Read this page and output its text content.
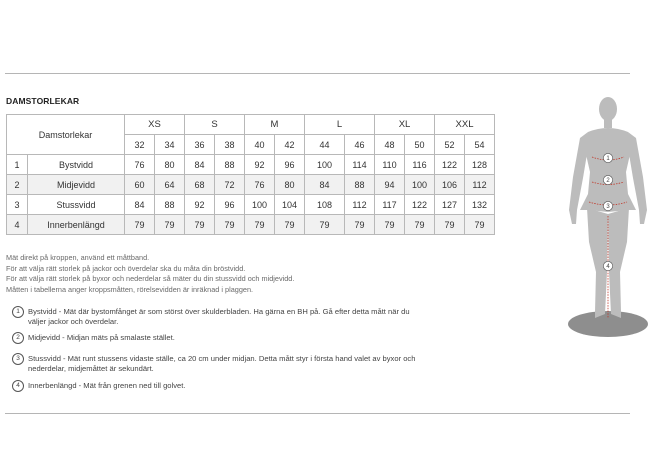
DAMSTORLEKAR
Damstorlekar		XS		S		M		L		XL		XXL	
		32	34	36	38	40	42	44	46	48	50	52	54
1	Bystvidd	76	80	84	88	92	96	100	114	110	116	122	128
2	Midjevidd	60	64	68	72	76	80	84	88	94	100	106	112
3	Stussvidd	84	88	92	96	100	104	108	112	117	122	127	132
4	Innerbenlängd	79	79	79	79	79	79	79	79	79	79	79	79
Mät direkt på kroppen, använd ett måttband.
För att välja rätt storlek på jackor och överdelar ska du måta din bröstvidd.
För att välja rätt storlek på byxor och nederdelar så mäter du din stussvidd och midjevidd.
Måtten i tabellerna anger kroppsmåtten, rörelsevidden är inräknad i plaggen.
1	Bystvidd - Mät där bystomfånget är som störst över skulderbladen. Ha gärna en BH på. Gå efter detta mått när du
väljer jackor och överdelar.
2	Midjevidd - Midjan mäts på smalaste stället.
3	Stussvidd - Mät runt stussens vidaste ställe, ca 20 cm under midjan. Detta mått styr i första hand valet av byxor och
nederdelar, midjemåttet är sekundärt.
4	Innerbenlängd - Mät från grenen ned till golvet.
1
2
3
4
